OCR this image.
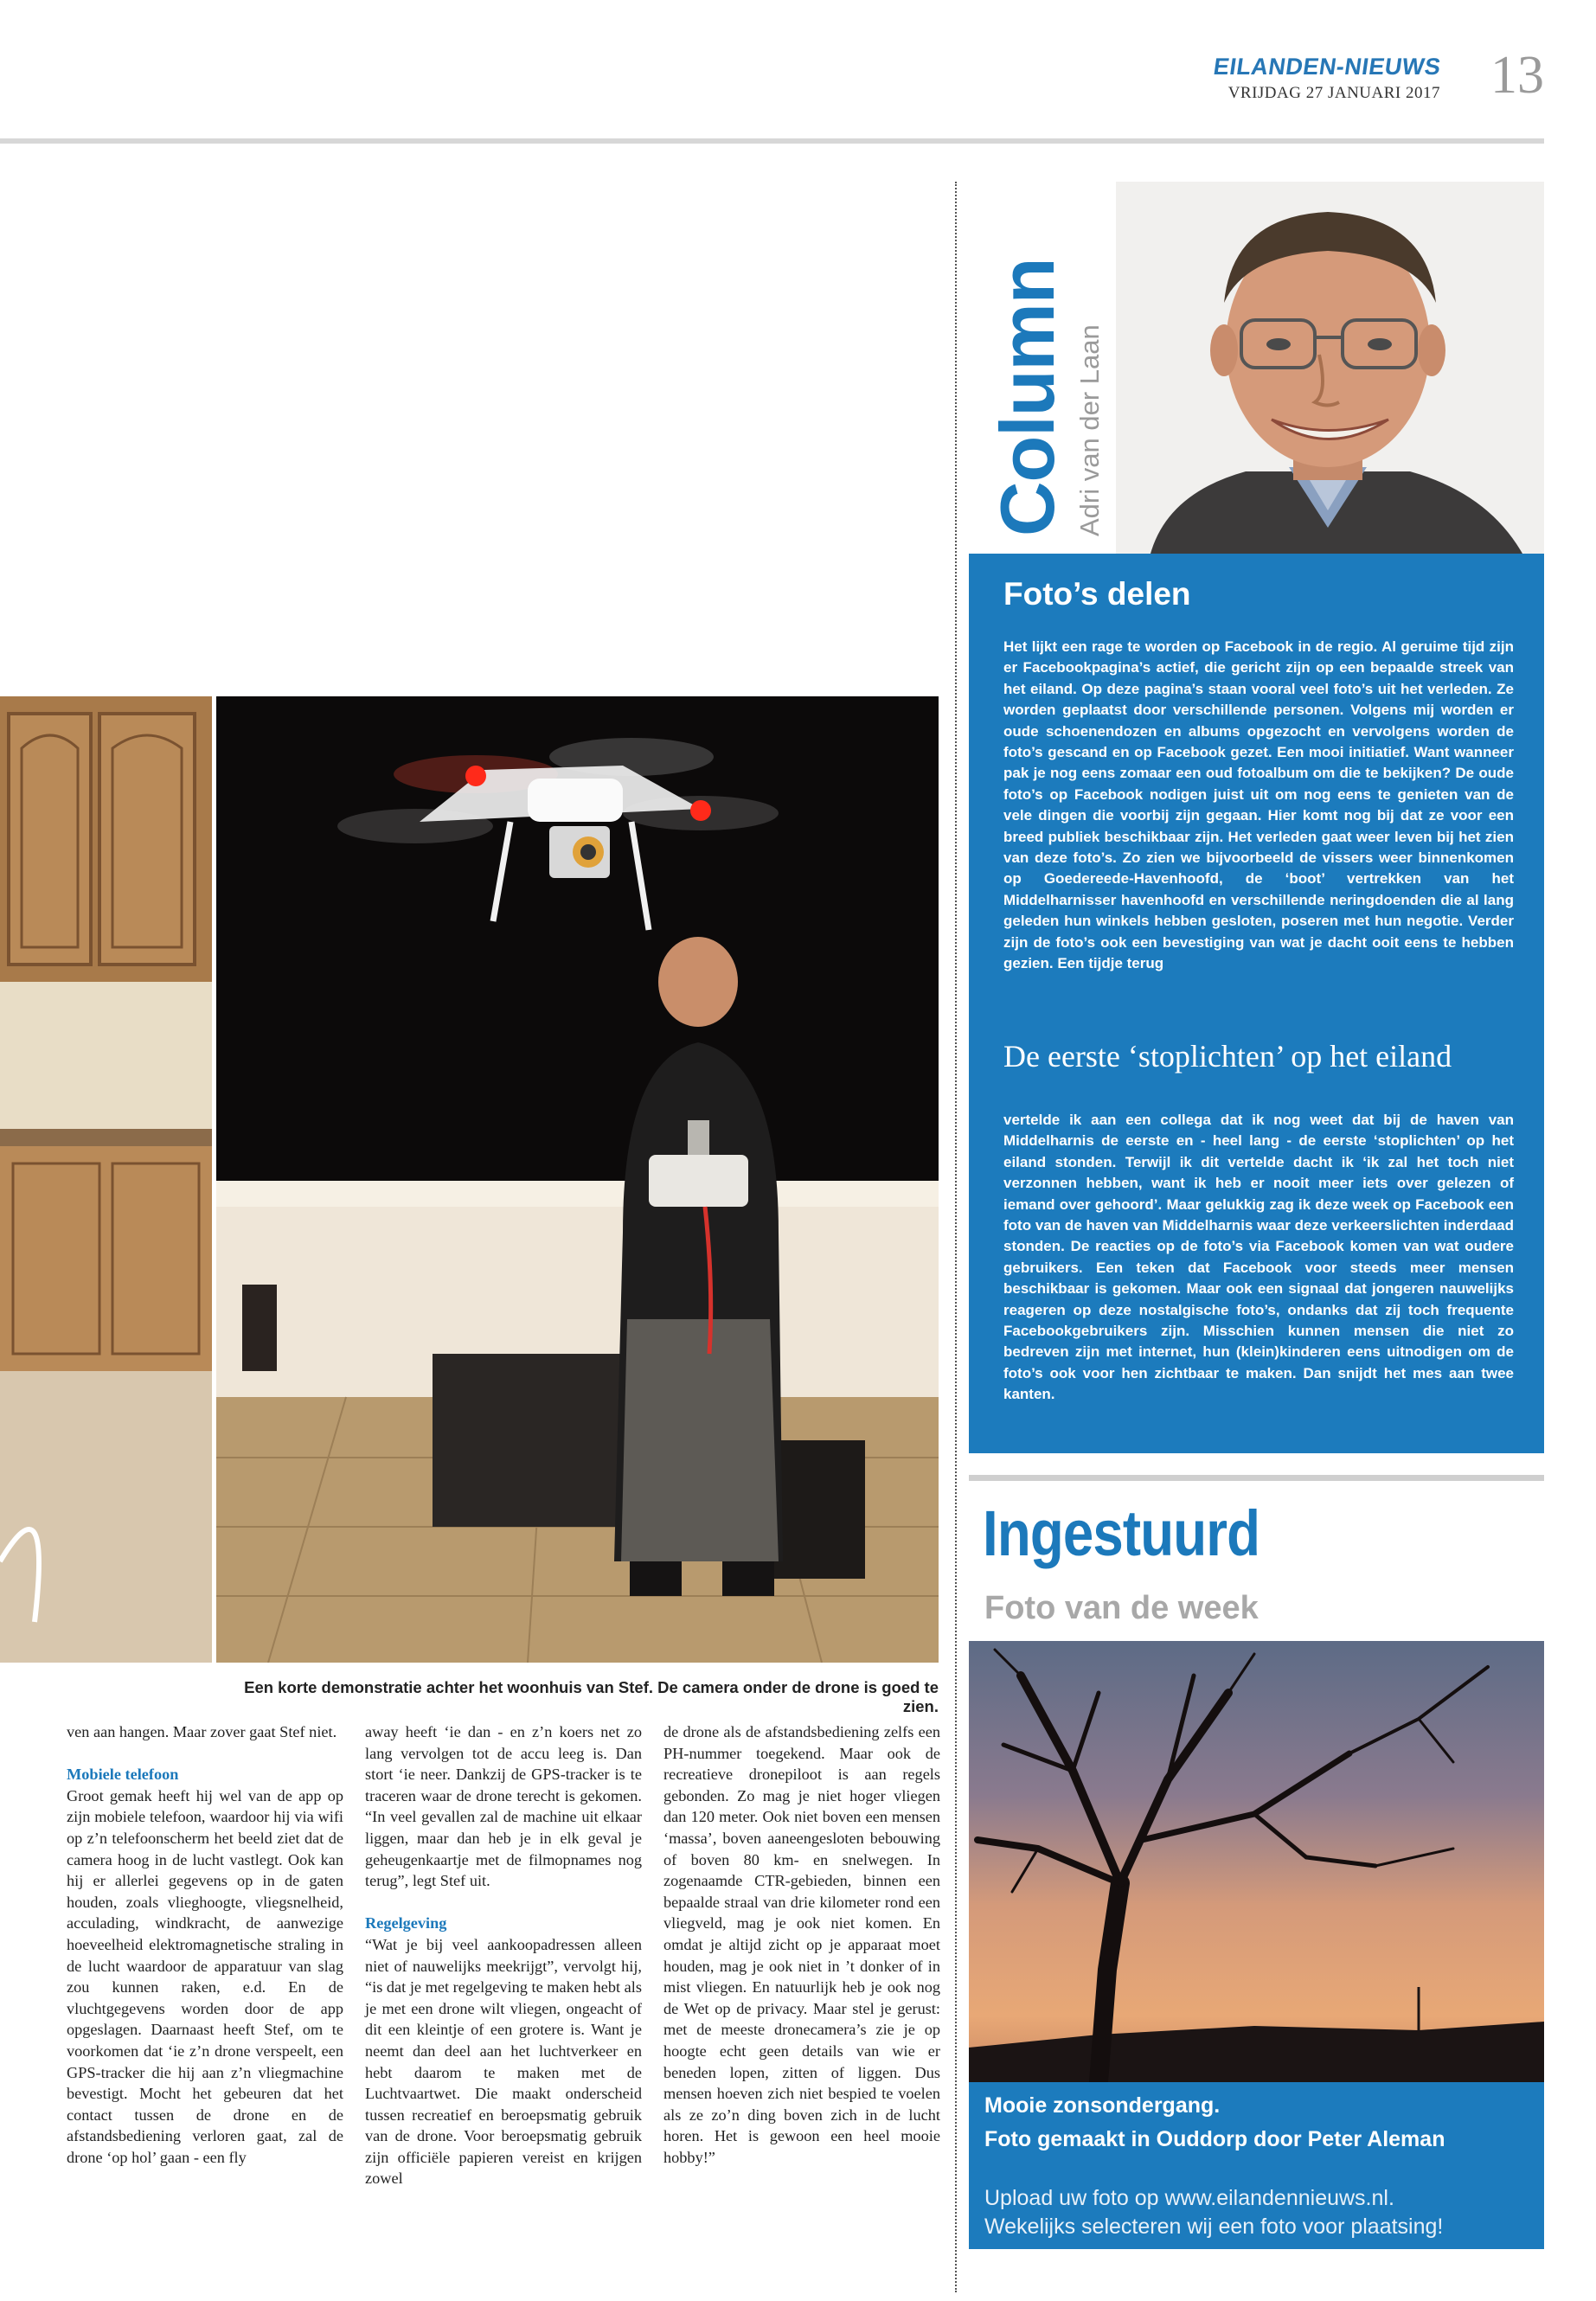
EILANDEN-NIEUWS
VRIJDAG 27 JANUARI 2017 13
Column Adri van der Laan
Foto’s delen
Het lijkt een rage te worden op Facebook in de regio. Al geruime tijd zijn er Facebookpagina’s actief, die gericht zijn op een bepaalde streek van het eiland. Op deze pagina’s staan vooral veel foto’s uit het verleden. Ze worden geplaatst door verschillende personen. Volgens mij worden er oude schoenendozen en albums opgezocht en vervolgens worden de foto’s gescand en op Facebook gezet. Een mooi initiatief. Want wanneer pak je nog eens zomaar een oud fotoalbum om die te bekijken? De oude foto’s op Facebook nodigen juist uit om nog eens te genieten van de vele dingen die voorbij zijn gegaan. Hier komt nog bij dat ze voor een breed publiek beschikbaar zijn. Het verleden gaat weer leven bij het zien van deze foto’s. Zo zien we bijvoorbeeld de vissers weer binnenkomen op Goedereede-Havenhoofd, de ‘boot’ vertrekken van het Middelharnisser havenhoofd en verschillende neringdoenden die al lang geleden hun winkels hebben gesloten, poseren met hun negotie. Verder zijn de foto’s ook een bevestiging van wat je dacht ooit eens te hebben gezien. Een tijdje terug
De eerste ‘stoplichten’ op het eiland
vertelde ik aan een collega dat ik nog weet dat bij de haven van Middelharnis de eerste en - heel lang - de eerste ‘stoplichten’ op het eiland stonden. Terwijl ik dit vertelde dacht ik ‘ik zal het toch niet verzonnen hebben, want ik heb er nooit meer iets over gelezen of iemand over gehoord’. Maar gelukkig zag ik deze week op Facebook een foto van de haven van Middelharnis waar deze verkeerslichten inderdaad stonden. De reacties op de foto’s via Facebook komen van wat oudere gebruikers. Een teken dat Facebook voor steeds meer mensen beschikbaar is gekomen. Maar ook een signaal dat jongeren nauwelijks reageren op deze nostalgische foto’s, ondanks dat zij toch frequente Facebookgebruikers zijn. Misschien kunnen mensen die niet zo bedreven zijn met internet, hun (klein)kinderen eens uitnodigen om de foto’s ook voor hen zichtbaar te maken. Dan snijdt het mes aan twee kanten.
Ingestuurd
Foto van de week
Mooie zonsondergang.
Foto gemaakt in Ouddorp door Peter Aleman
Upload uw foto op www.eilandennieuws.nl.
Wekelijks selecteren wij een foto voor plaatsing!
Een korte demonstratie achter het woonhuis van Stef. De camera onder de drone is goed te zien.

ven aan hangen. Maar zover gaat Stef niet.

Mobiele telefoon

Groot gemak heeft hij wel van de app op zijn mobiele telefoon, waardoor hij via wifi op z’n telefoonscherm het beeld ziet dat de camera hoog in de lucht vastlegt. Ook kan hij er allerlei gegevens op in de gaten houden, zoals vlieghoogte, vliegsnelheid, acculading, windkracht, de aanwezige hoeveelheid elektromagnetische straling in de lucht waardoor de apparatuur van slag zou kunnen raken, e.d. En de vluchtgegevens worden door de app opgeslagen. Daarnaast heeft Stef, om te voorkomen dat ‘ie z’n drone verspeelt, een GPS-tracker die hij aan z’n vliegmachine bevestigt. Mocht het gebeuren dat het contact tussen de drone en de afstandsbediening verloren gaat, zal de drone ‘op hol’ gaan - een fly

away heeft ‘ie dan - en z’n koers net zo lang vervolgen tot de accu leeg is. Dan stort ‘ie neer. Dankzij de GPS-tracker is te traceren waar de drone terecht is gekomen. “In veel gevallen zal de machine uit elkaar liggen, maar dan heb je in elk geval je geheugenkaartje met de filmopnames nog terug”, legt Stef uit.

Regelgeving

“Wat je bij veel aankoopadressen alleen niet of nauwelijks meekrijgt”, vervolgt hij, “is dat je met regelgeving te maken hebt als je met een drone wilt vliegen, ongeacht of dit een kleintje of een grotere is. Want je neemt dan deel aan het luchtverkeer en hebt daarom te maken met de Luchtvaartwet. Die maakt onderscheid tussen recreatief en beroepsmatig gebruik van de drone. Voor beroepsmatig gebruik zijn officiële papieren vereist en krijgen zowel

de drone als de afstandsbediening zelfs een PH-nummer toegekend. Maar ook de recreatieve dronepiloot is aan regels gebonden. Zo mag je niet hoger vliegen dan 120 meter. Ook niet boven een mensen ‘massa’, boven aaneengesloten bebouwing of boven 80 km- en snelwegen. In zogenaamde CTR-gebieden, binnen een bepaalde straal van drie kilometer rond een vliegveld, mag je ook niet komen. En omdat je altijd zicht op je apparaat moet houden, mag je ook niet in ’t donker of in mist vliegen. En natuurlijk heb je ook nog de Wet op de privacy. Maar stel je gerust: met de meeste dronecamera’s zie je op hoogte echt geen details van wie er beneden lopen, zitten of liggen. Dus mensen hoeven zich niet bespied te voelen als ze zo’n ding boven zich in de lucht horen. Het is gewoon een heel mooie hobby!”
